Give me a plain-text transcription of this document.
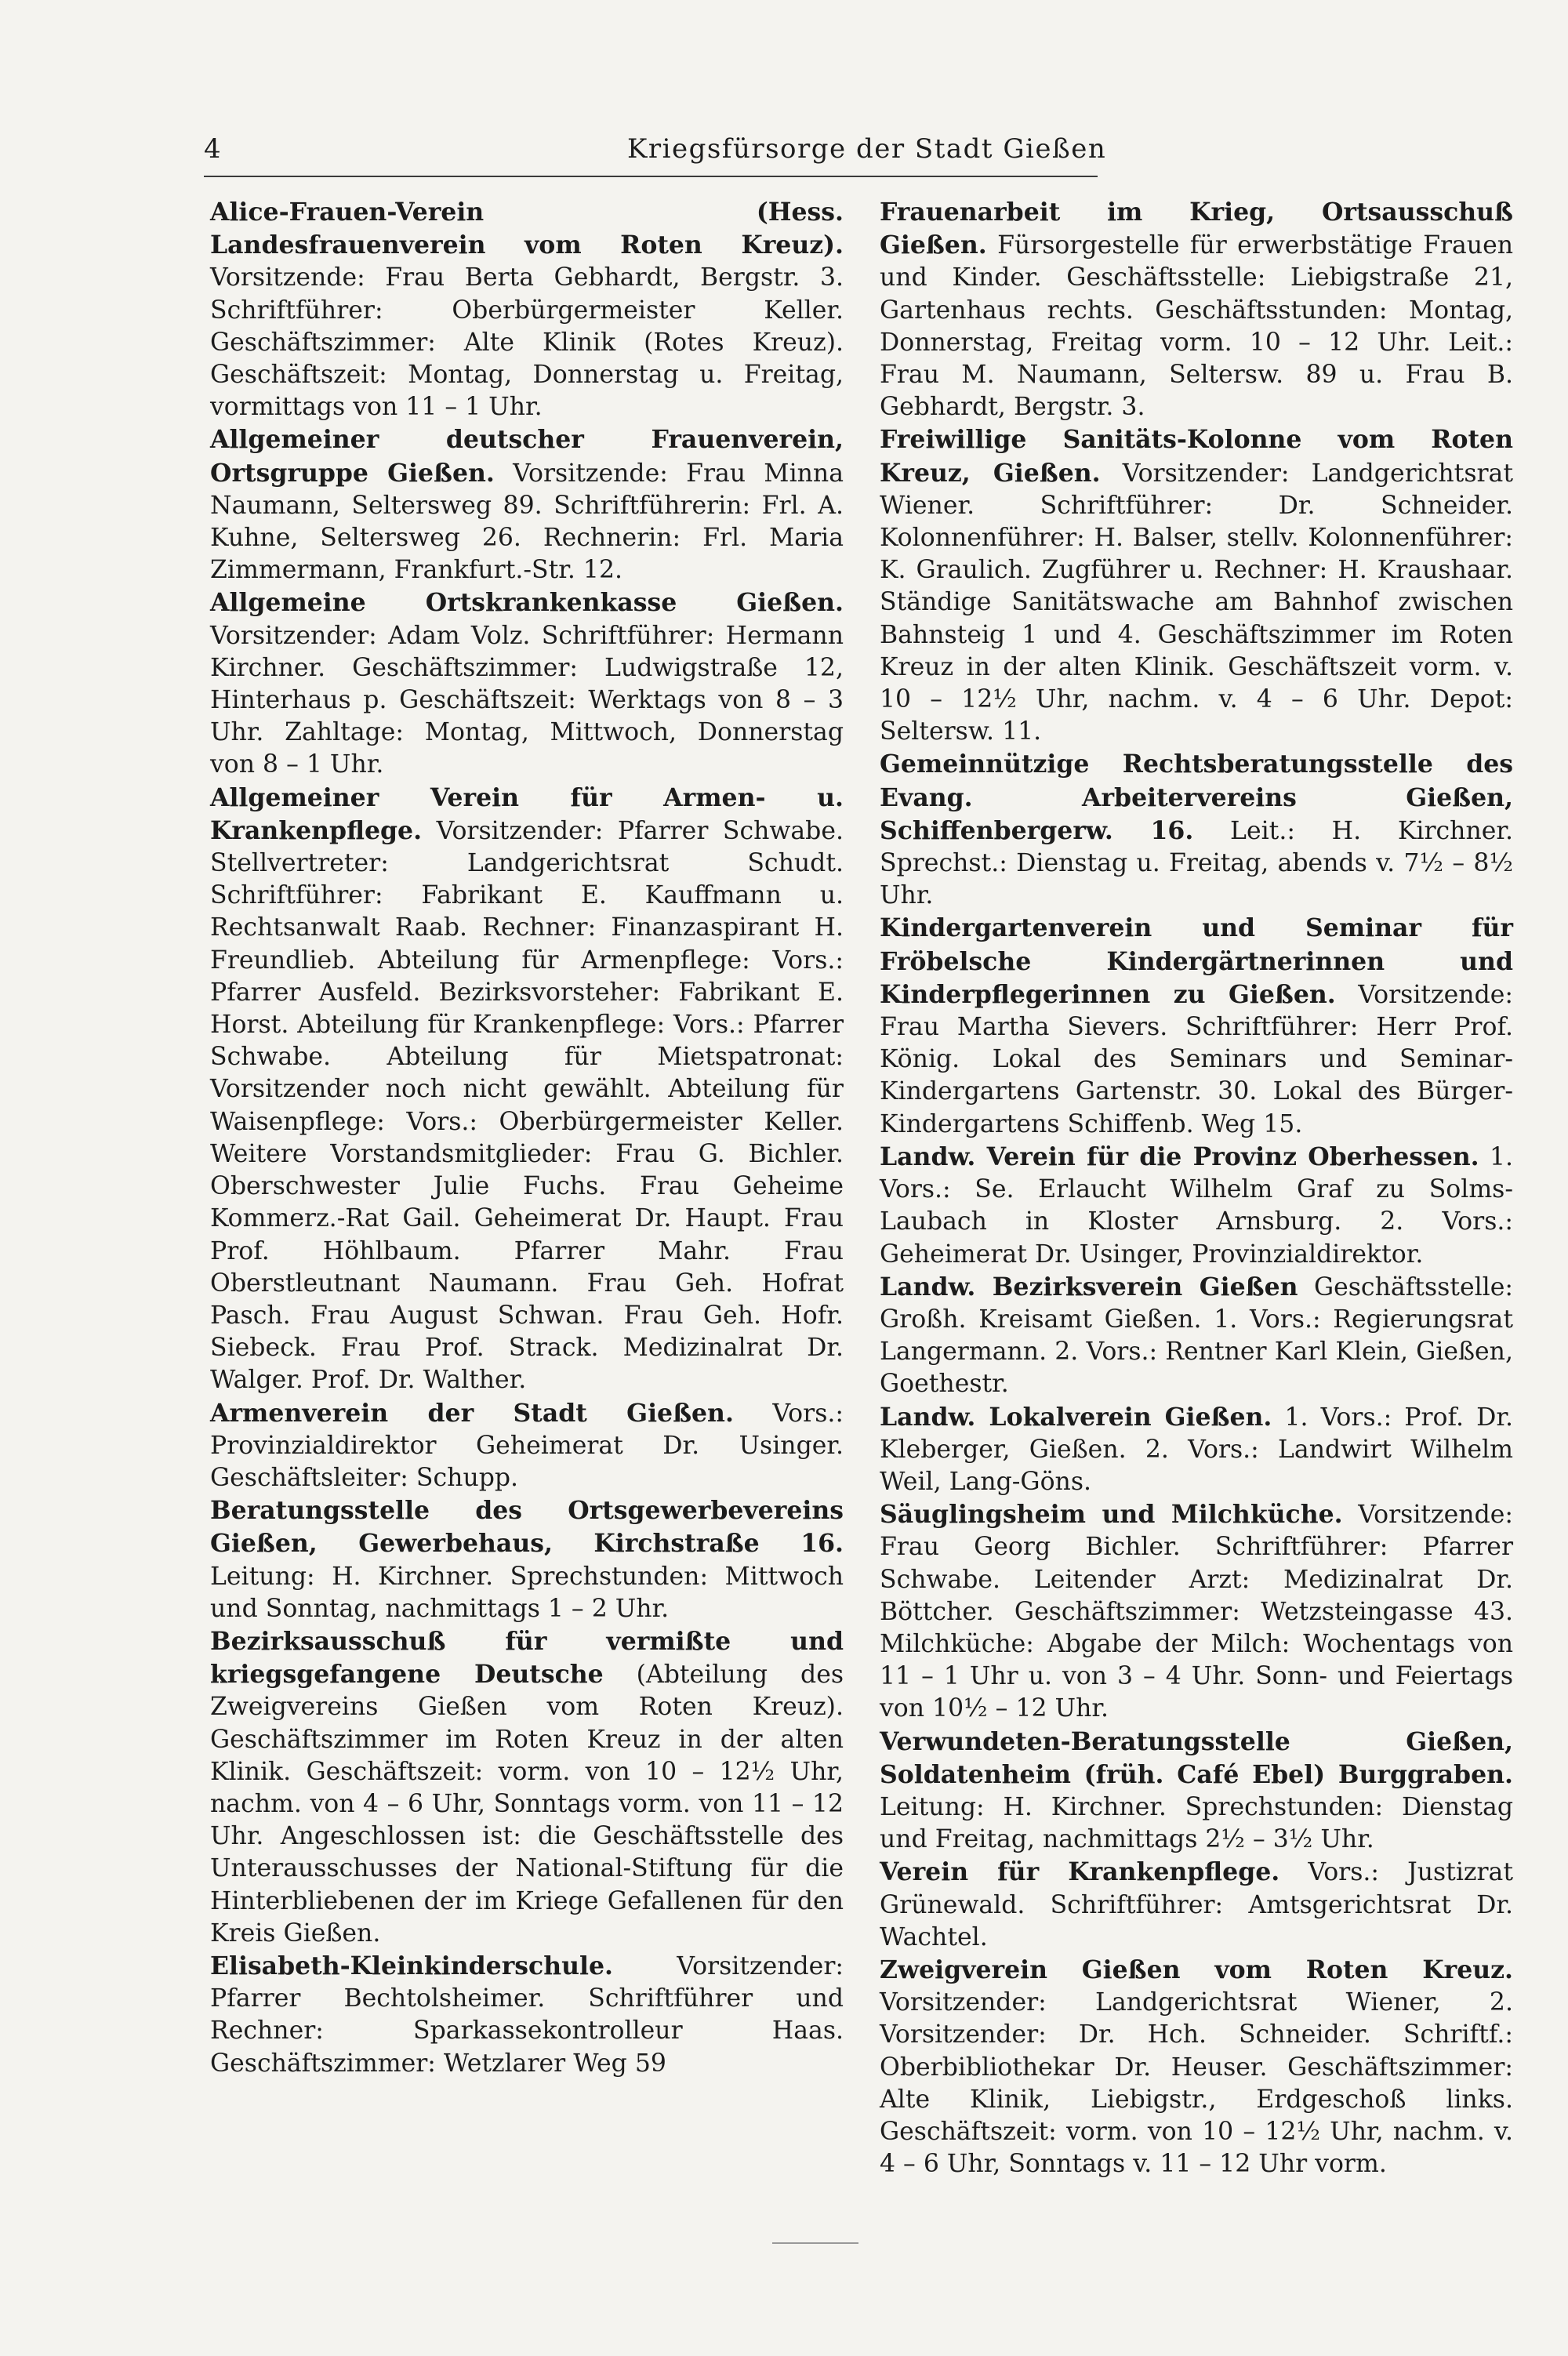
4	Kriegsfürsorge der Stadt Gießen

Alice-Frauen-Verein (Hess. Landesfrauenverein vom Roten Kreuz). Vorsitzende: Frau Berta Gebhardt, Bergstr. 3. Schriftführer: Oberbürgermeister Keller. Geschäftszimmer: Alte Klinik (Rotes Kreuz). Geschäftszeit: Montag, Donnerstag u. Freitag, vormittags von 11 – 1 Uhr.

Allgemeiner deutscher Frauenverein, Ortsgruppe Gießen. Vorsitzende: Frau Minna Naumann, Seltersweg 89. Schriftführerin: Frl. A. Kuhne, Seltersweg 26. Rechnerin: Frl. Maria Zimmermann, Frankfurt.-Str. 12.

Allgemeine Ortskrankenkasse Gießen. Vorsitzender: Adam Volz. Schriftführer: Hermann Kirchner. Geschäftszimmer: Ludwigstraße 12, Hinterhaus p. Geschäftszeit: Werktags von 8 – 3 Uhr. Zahltage: Montag, Mittwoch, Donnerstag von 8 – 1 Uhr.

Allgemeiner Verein für Armen- u. Krankenpflege. Vorsitzender: Pfarrer Schwabe. Stellvertreter: Landgerichtsrat Schudt. Schriftführer: Fabrikant E. Kauffmann u. Rechtsanwalt Raab. Rechner: Finanzaspirant H. Freundlieb. Abteilung für Armenpflege: Vors.: Pfarrer Ausfeld. Bezirksvorsteher: Fabrikant E. Horst. Abteilung für Krankenpflege: Vors.: Pfarrer Schwabe. Abteilung für Mietspatronat: Vorsitzender noch nicht gewählt. Abteilung für Waisenpflege: Vors.: Oberbürgermeister Keller. Weitere Vorstandsmitglieder: Frau G. Bichler. Oberschwester Julie Fuchs. Frau Geheime Kommerz.-Rat Gail. Geheimerat Dr. Haupt. Frau Prof. Höhlbaum. Pfarrer Mahr. Frau Oberstleutnant Naumann. Frau Geh. Hofrat Pasch. Frau August Schwan. Frau Geh. Hofr. Siebeck. Frau Prof. Strack. Medizinalrat Dr. Walger. Prof. Dr. Walther.

Armenverein der Stadt Gießen. Vors.: Provinzialdirektor Geheimerat Dr. Usinger. Geschäftsleiter: Schupp.

Beratungsstelle des Ortsgewerbevereins Gießen, Gewerbehaus, Kirchstraße 16. Leitung: H. Kirchner. Sprechstunden: Mittwoch und Sonntag, nachmittags 1 – 2 Uhr.

Bezirksausschuß für vermißte und kriegsgefangene Deutsche (Abteilung des Zweigvereins Gießen vom Roten Kreuz). Geschäftszimmer im Roten Kreuz in der alten Klinik. Geschäftszeit: vorm. von 10 – 12½ Uhr, nachm. von 4 – 6 Uhr, Sonntags vorm. von 11 – 12 Uhr. Angeschlossen ist: die Geschäftsstelle des Unterausschusses der National-Stiftung für die Hinterbliebenen der im Kriege Gefallenen für den Kreis Gießen.

Elisabeth-Kleinkinderschule. Vorsitzender: Pfarrer Bechtolsheimer. Schriftführer und Rechner: Sparkassekontrolleur Haas. Geschäftszimmer: Wetzlarer Weg 59

Frauenarbeit im Krieg, Ortsausschuß Gießen. Fürsorgestelle für erwerbstätige Frauen und Kinder. Geschäftsstelle: Liebigstraße 21, Gartenhaus rechts. Geschäftsstunden: Montag, Donnerstag, Freitag vorm. 10 – 12 Uhr. Leit.: Frau M. Naumann, Seltersw. 89 u. Frau B. Gebhardt, Bergstr. 3.

Freiwillige Sanitäts-Kolonne vom Roten Kreuz, Gießen. Vorsitzender: Landgerichtsrat Wiener. Schriftführer: Dr. Schneider. Kolonnenführer: H. Balser, stellv. Kolonnenführer: K. Graulich. Zugführer u. Rechner: H. Kraushaar. Ständige Sanitätswache am Bahnhof zwischen Bahnsteig 1 und 4. Geschäftszimmer im Roten Kreuz in der alten Klinik. Geschäftszeit vorm. v. 10 – 12½ Uhr, nachm. v. 4 – 6 Uhr. Depot: Seltersw. 11.

Gemeinnützige Rechtsberatungsstelle des Evang. Arbeitervereins Gießen, Schiffenbergerw. 16. Leit.: H. Kirchner. Sprechst.: Dienstag u. Freitag, abends v. 7½ – 8½ Uhr.

Kindergartenverein und Seminar für Fröbelsche Kindergärtnerinnen und Kinderpflegerinnen zu Gießen. Vorsitzende: Frau Martha Sievers. Schriftführer: Herr Prof. König. Lokal des Seminars und Seminar-Kindergartens Gartenstr. 30. Lokal des Bürger-Kindergartens Schiffenb. Weg 15.

Landw. Verein für die Provinz Oberhessen. 1. Vors.: Se. Erlaucht Wilhelm Graf zu Solms-Laubach in Kloster Arnsburg. 2. Vors.: Geheimerat Dr. Usinger, Provinzialdirektor.

Landw. Bezirksverein Gießen Geschäftsstelle: Großh. Kreisamt Gießen. 1. Vors.: Regierungsrat Langermann. 2. Vors.: Rentner Karl Klein, Gießen, Goethestr.

Landw. Lokalverein Gießen. 1. Vors.: Prof. Dr. Kleberger, Gießen. 2. Vors.: Landwirt Wilhelm Weil, Lang-Göns.

Säuglingsheim und Milchküche. Vorsitzende: Frau Georg Bichler. Schriftführer: Pfarrer Schwabe. Leitender Arzt: Medizinalrat Dr. Böttcher. Geschäftszimmer: Wetzsteingasse 43. Milchküche: Abgabe der Milch: Wochentags von 11 – 1 Uhr u. von 3 – 4 Uhr. Sonn- und Feiertags von 10½ – 12 Uhr.

Verwundeten-Beratungsstelle Gießen, Soldatenheim (früh. Café Ebel) Burggraben. Leitung: H. Kirchner. Sprechstunden: Dienstag und Freitag, nachmittags 2½ – 3½ Uhr.

Verein für Krankenpflege. Vors.: Justizrat Grünewald. Schriftführer: Amtsgerichtsrat Dr. Wachtel.

Zweigverein Gießen vom Roten Kreuz. Vorsitzender: Landgerichtsrat Wiener, 2. Vorsitzender: Dr. Hch. Schneider. Schriftf.: Oberbibliothekar Dr. Heuser. Geschäftszimmer: Alte Klinik, Liebigstr., Erdgeschoß links. Geschäftszeit: vorm. von 10 – 12½ Uhr, nachm. v. 4 – 6 Uhr, Sonntags v. 11 – 12 Uhr vorm.
